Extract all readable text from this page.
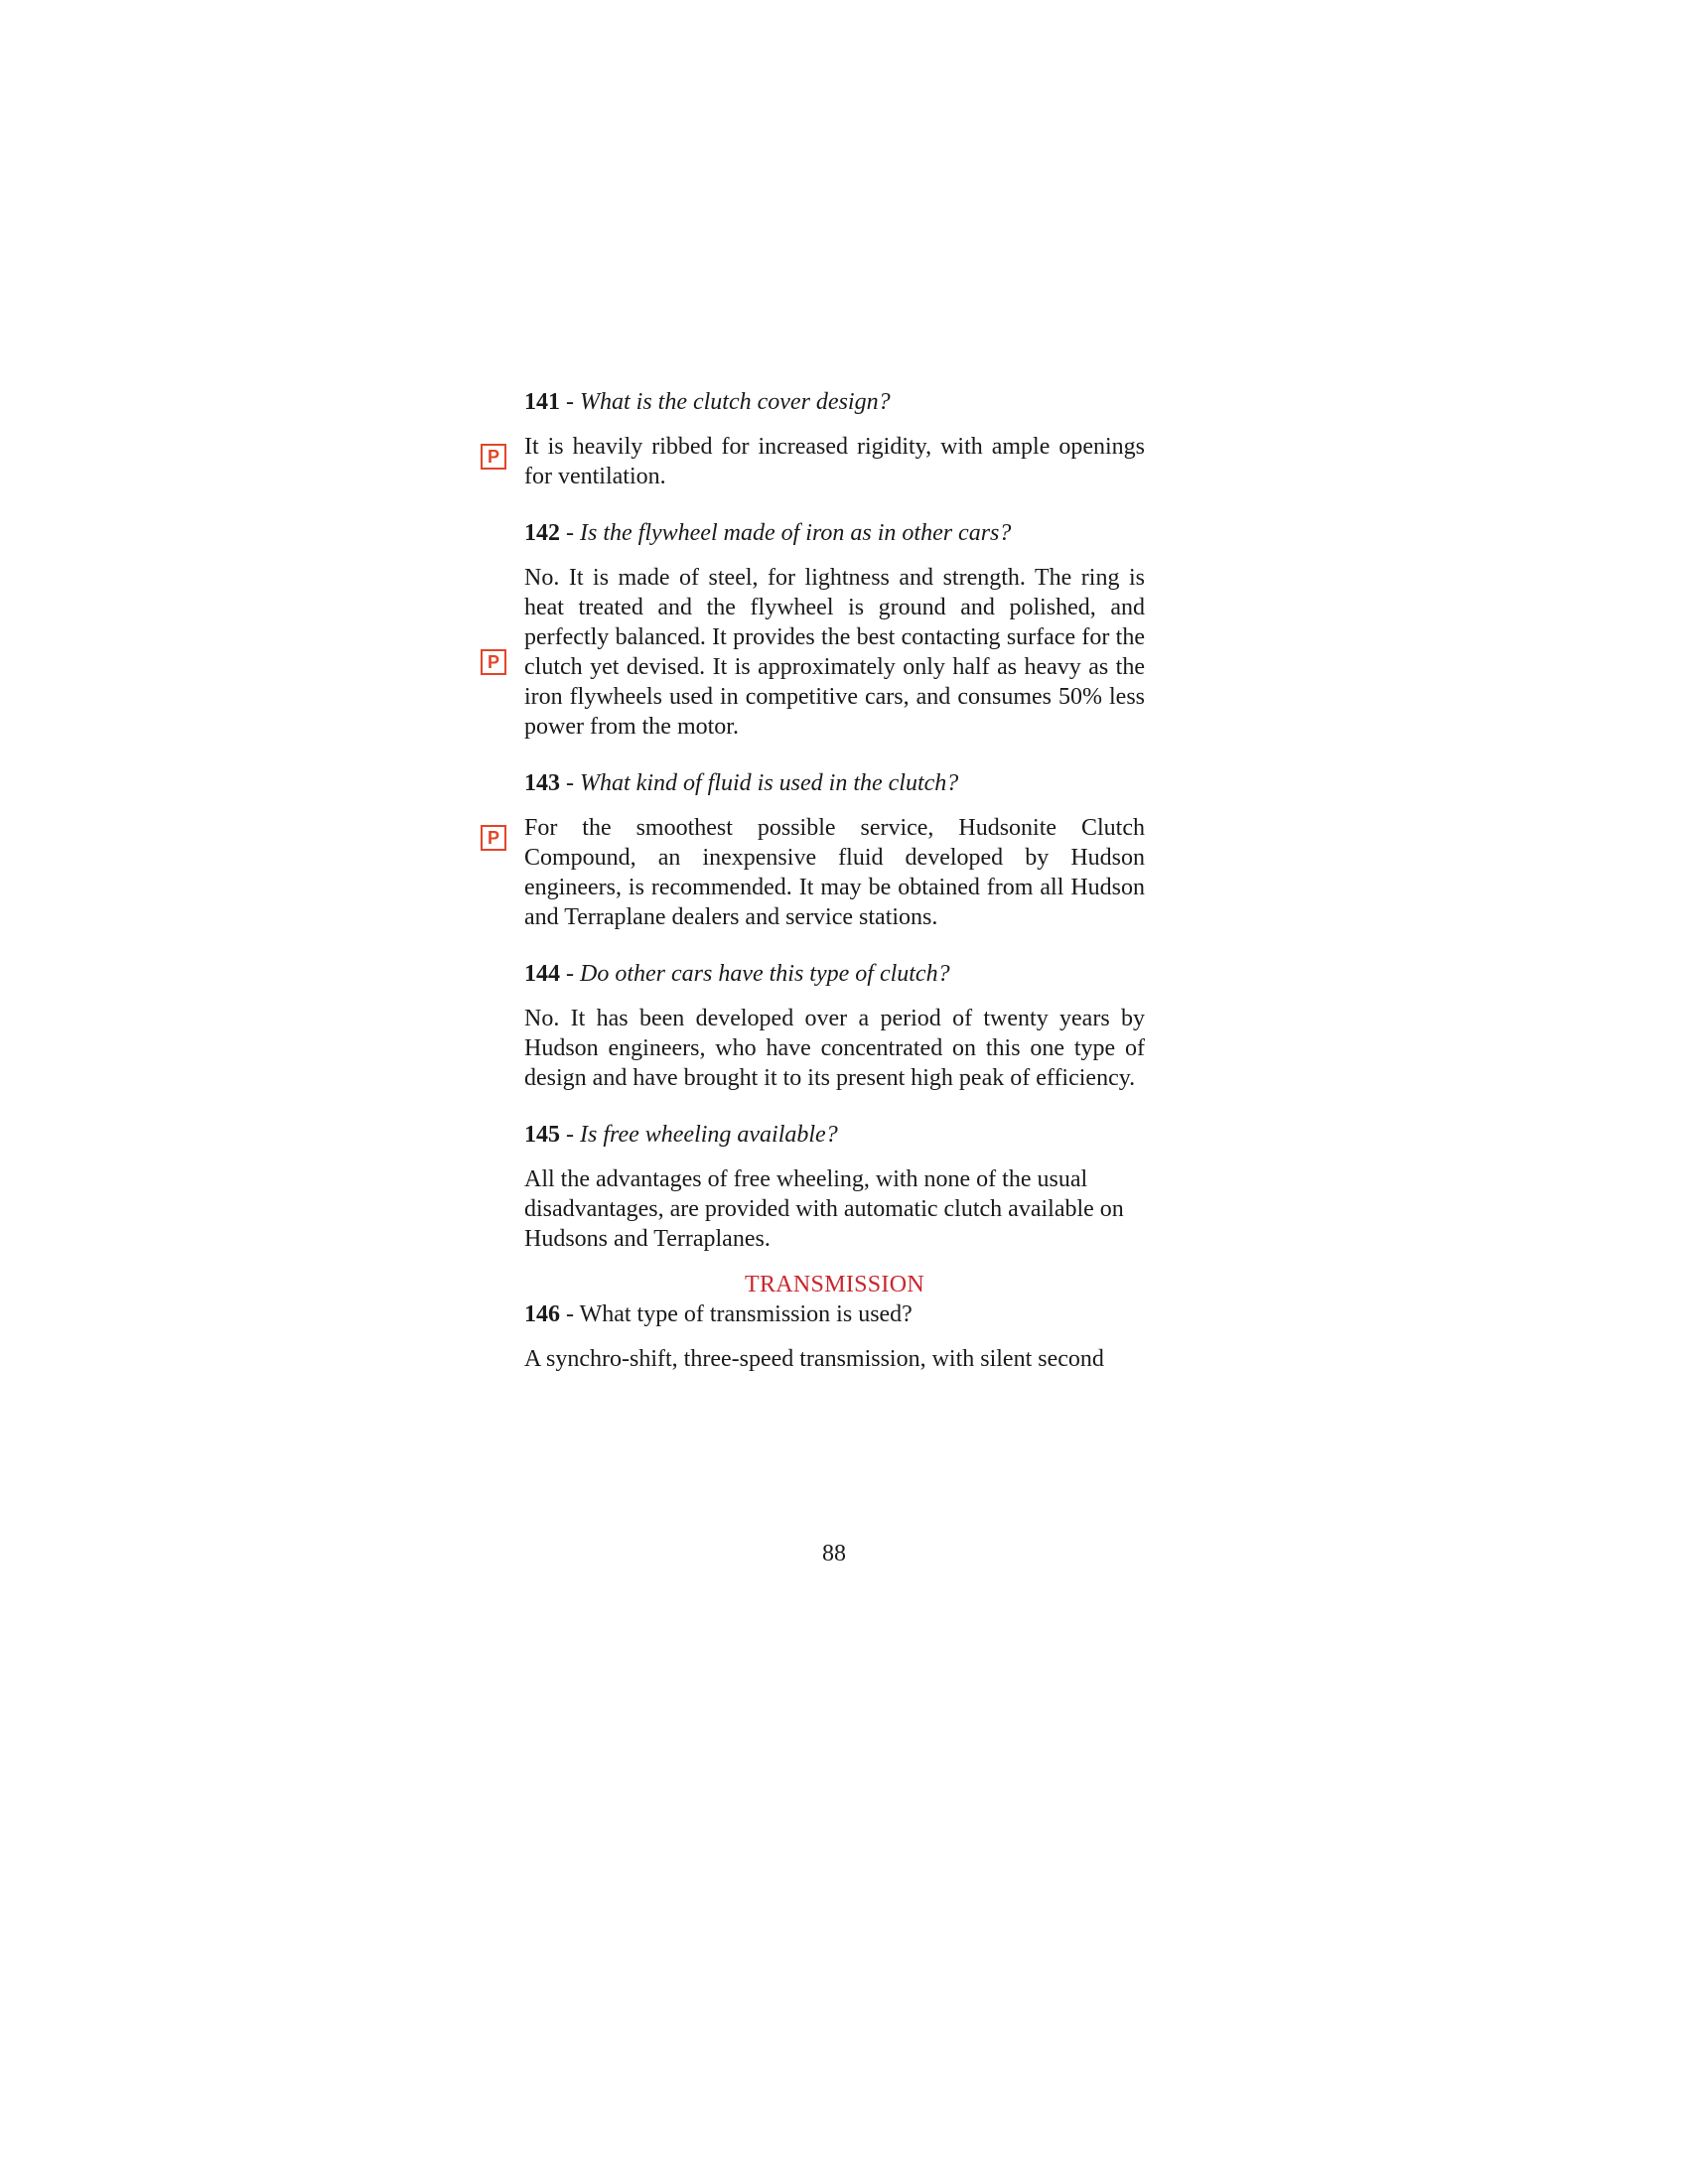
141 - What is the clutch cover design?
P It is heavily ribbed for increased rigidity, with ample openings for ventilation.

142 - Is the flywheel made of iron as in other cars?
P

No. It is made of steel, for lightness and strength. The ring is heat treated and the flywheel is ground and polished, and perfectly balanced. It provides the best contacting surface for the clutch yet devised. It is approximately only half as heavy as the iron flywheels used in competitive cars, and consumes 50% less power from the motor.

143 - What kind of fluid is used in the clutch?
P For the smoothest possible service, Hudsonite Clutch Compound, an inexpensive fluid developed by Hudson engineers, is recommended. It may be obtained from all Hudson and Terraplane dealers and service stations.

144 - Do other cars have this type of clutch?

No. It has been developed over a period of twenty years by Hudson engineers, who have concentrated on this one type of design and have brought it to its present high peak of efficiency.

145 - Is free wheeling available?

All the advantages of free wheeling, with none of the usual disadvantages, are provided with automatic clutch available on Hudsons and Terraplanes.

TRANSMISSION
146 - What type of transmission is used?

A synchro-shift, three-speed transmission, with silent second

88
